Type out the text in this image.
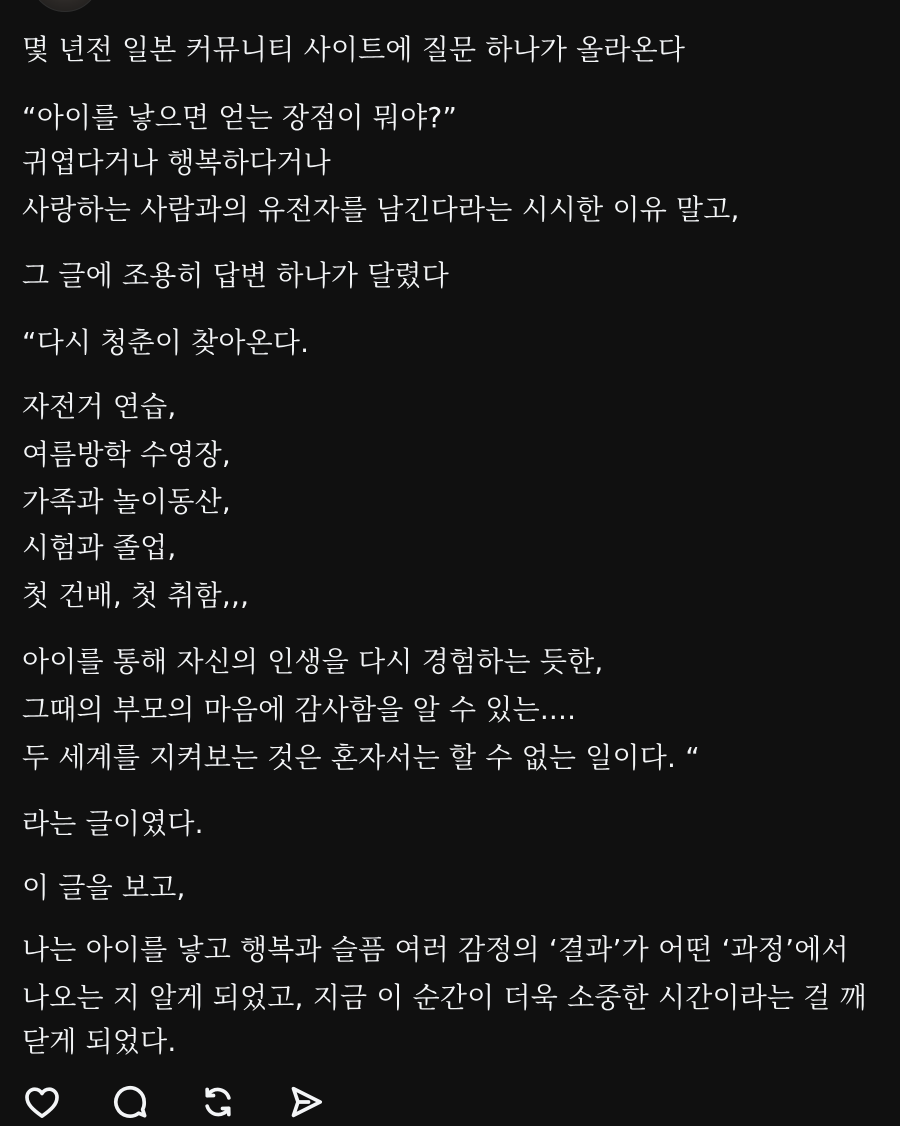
몇 년전 일본 커뮤니티 사이트에 질문 하나가 올라온다
“아이를 낳으면 얻는 장점이 뭐야?”
귀엽다거나 행복하다거나
사랑하는 사람과의 유전자를 남긴다라는 시시한 이유 말고,
그 글에 조용히 답변 하나가 달렸다
“다시 청춘이 찾아온다.
자전거 연습,
여름방학 수영장,
가족과 놀이동산,
시험과 졸업,
첫 건배, 첫 취함,,,
아이를 통해 자신의 인생을 다시 경험하는 듯한,
그때의 부모의 마음에 감사함을 알 수 있는....
두 세계를 지켜보는 것은 혼자서는 할 수 없는 일이다. “
라는 글이였다.
이 글을 보고,
나는 아이를 낳고 행복과 슬픔 여러 감정의 ‘결과’가 어떤 ‘과정’에서
나오는 지 알게 되었고, 지금 이 순간이 더욱 소중한 시간이라는 걸 깨
닫게 되었다.
